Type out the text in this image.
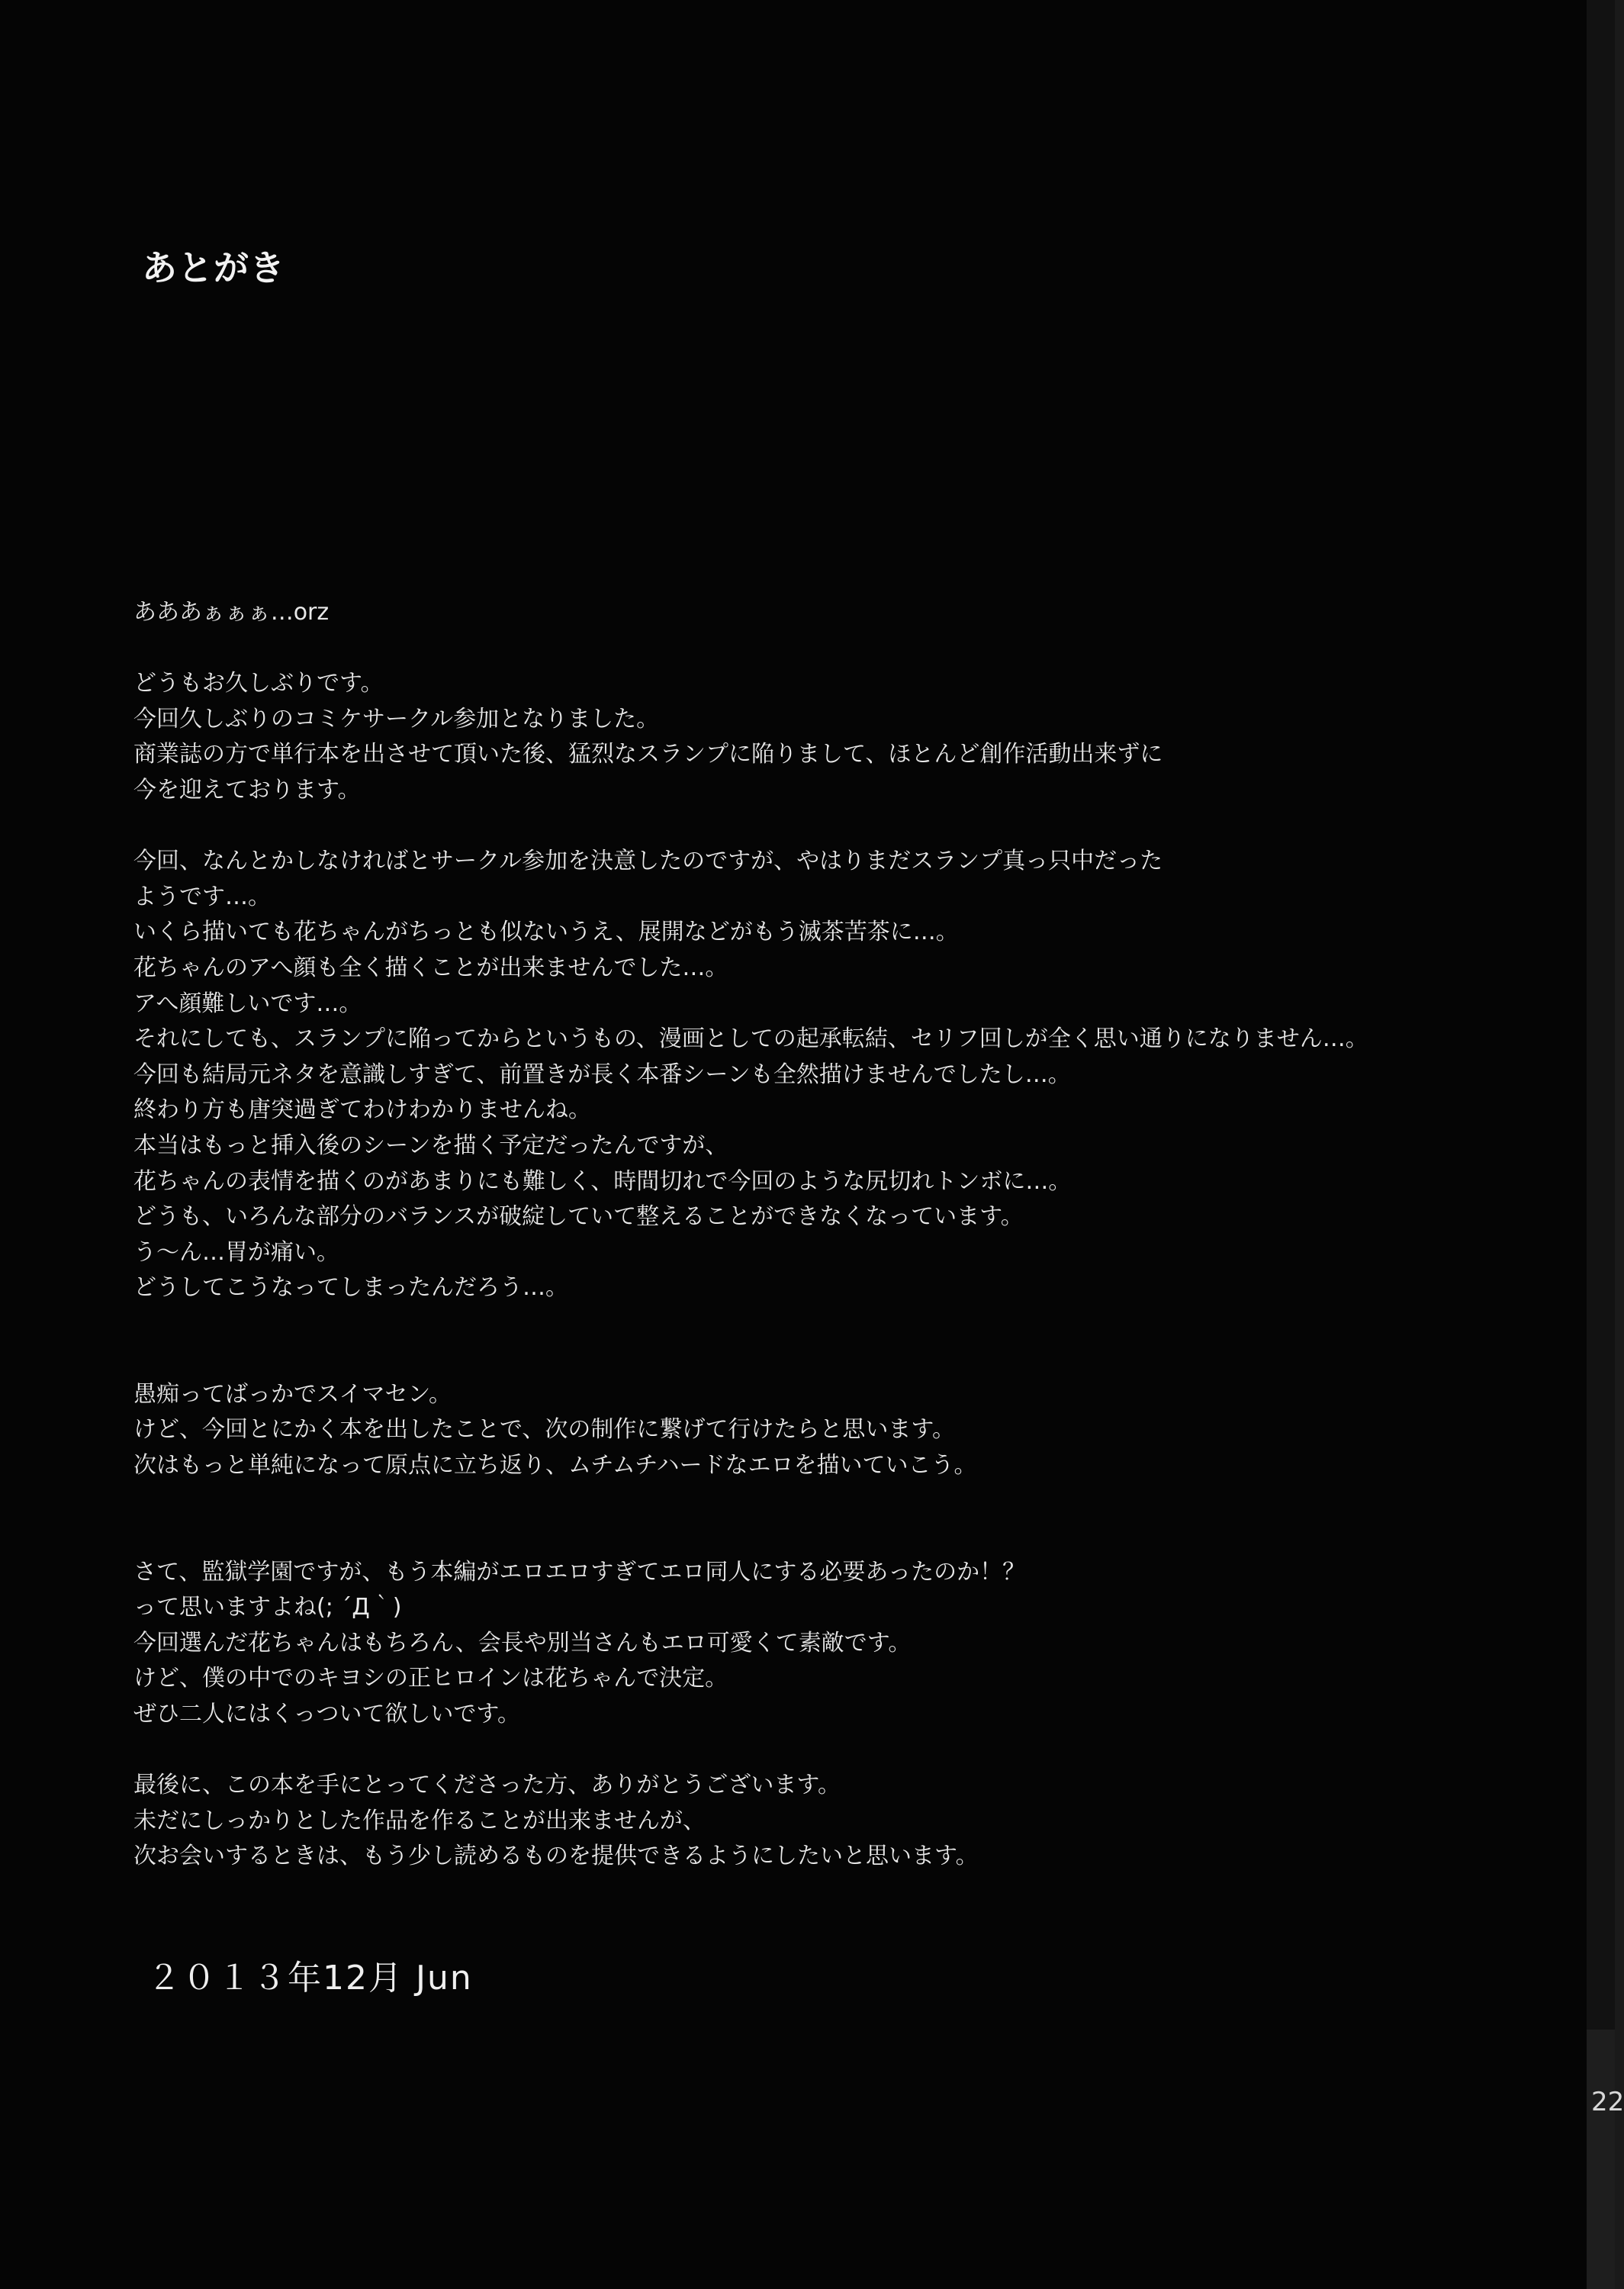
あとがき
あああぁぁぁ…orz
どうもお久しぶりです。
今回久しぶりのコミケサークル参加となりました。
商業誌の方で単行本を出させて頂いた後、猛烈なスランプに陥りまして、ほとんど創作活動出来ずに
今を迎えております。
今回、なんとかしなければとサークル参加を決意したのですが、やはりまだスランプ真っ只中だった
ようです…。
いくら描いても花ちゃんがちっとも似ないうえ、展開などがもう滅茶苦茶に…。
花ちゃんのアへ顔も全く描くことが出来ませんでした…。
アへ顔難しいです…。
それにしても、スランプに陥ってからというもの、漫画としての起承転結、セリフ回しが全く思い通りになりません…。
今回も結局元ネタを意識しすぎて、前置きが長く本番シーンも全然描けませんでしたし…。
終わり方も唐突過ぎてわけわかりませんね。
本当はもっと挿入後のシーンを描く予定だったんですが、
花ちゃんの表情を描くのがあまりにも難しく、時間切れで今回のような尻切れトンボに…。
どうも、いろんな部分のバランスが破綻していて整えることができなくなっています。
う～ん…胃が痛い。
どうしてこうなってしまったんだろう…。
愚痴ってばっかでスイマセン。
けど、今回とにかく本を出したことで、次の制作に繋げて行けたらと思います。
次はもっと単純になって原点に立ち返り、ムチムチハードなエロを描いていこう。
さて、監獄学園ですが、もう本編がエロエロすぎてエロ同人にする必要あったのか！？
って思いますよね(; ´Д｀)
今回選んだ花ちゃんはもちろん、会長や別当さんもエロ可愛くて素敵です。
けど、僕の中でのキヨシの正ヒロインは花ちゃんで決定。
ぜひ二人にはくっついて欲しいです。
最後に、この本を手にとってくださった方、ありがとうございます。
未だにしっかりとした作品を作ることが出来ませんが、
次お会いするときは、もう少し読めるものを提供できるようにしたいと思います。
２０１３年12月 Jun
22
